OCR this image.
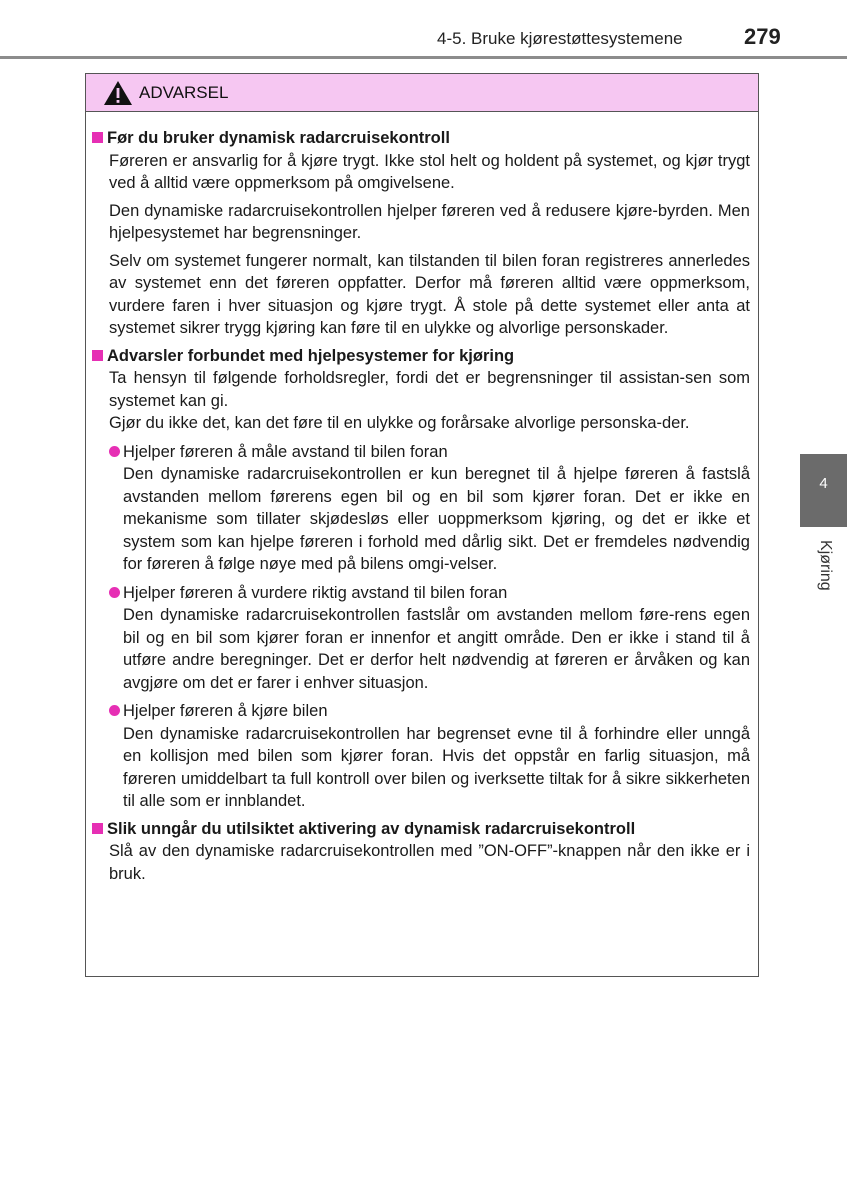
4-5. Bruke kjørestøttesystemene	279
4
Kjøring
ADVARSEL
Før du bruker dynamisk radarcruisekontroll
Føreren er ansvarlig for å kjøre trygt. Ikke stol helt og holdent på systemet, og kjør trygt ved å alltid være oppmerksom på omgivelsene.
Den dynamiske radarcruisekontrollen hjelper føreren ved å redusere kjøre-byrden. Men hjelpesystemet har begrensninger.
Selv om systemet fungerer normalt, kan tilstanden til bilen foran registreres annerledes av systemet enn det føreren oppfatter. Derfor må føreren alltid være oppmerksom, vurdere faren i hver situasjon og kjøre trygt. Å stole på dette systemet eller anta at systemet sikrer trygg kjøring kan føre til en ulykke og alvorlige personskader.
Advarsler forbundet med hjelpesystemer for kjøring
Ta hensyn til følgende forholdsregler, fordi det er begrensninger til assistan-sen som systemet kan gi.
Gjør du ikke det, kan det føre til en ulykke og forårsake alvorlige personska-der.
Hjelper føreren å måle avstand til bilen foran
Den dynamiske radarcruisekontrollen er kun beregnet til å hjelpe føreren å fastslå avstanden mellom førerens egen bil og en bil som kjører foran. Det er ikke en mekanisme som tillater skjødesløs eller uoppmerksom kjøring, og det er ikke et system som kan hjelpe føreren i forhold med dårlig sikt. Det er fremdeles nødvendig for føreren å følge nøye med på bilens omgi-velser.
Hjelper føreren å vurdere riktig avstand til bilen foran
Den dynamiske radarcruisekontrollen fastslår om avstanden mellom føre-rens egen bil og en bil som kjører foran er innenfor et angitt område. Den er ikke i stand til å utføre andre beregninger. Det er derfor helt nødvendig at føreren er årvåken og kan avgjøre om det er farer i enhver situasjon.
Hjelper føreren å kjøre bilen
Den dynamiske radarcruisekontrollen har begrenset evne til å forhindre eller unngå en kollisjon med bilen som kjører foran. Hvis det oppstår en farlig situasjon, må føreren umiddelbart ta full kontroll over bilen og iverksette tiltak for å sikre sikkerheten til alle som er innblandet.
Slik unngår du utilsiktet aktivering av dynamisk radarcruisekontroll
Slå av den dynamiske radarcruisekontrollen med ”ON-OFF”-knappen når den ikke er i bruk.
